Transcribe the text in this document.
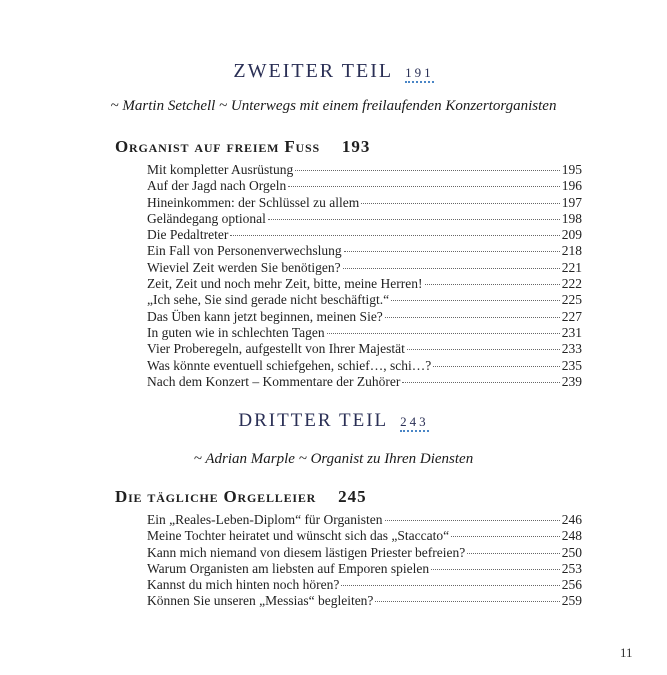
ZWEITER TEIL 191
~ Martin Setchell ~ Unterwegs mit einem freilaufenden Konzertorganisten
Organist auf freiem Fuss 193
Mit kompletter Ausrüstung	195
Auf der Jagd nach Orgeln	196
Hineinkommen: der Schlüssel zu allem	197
Geländegang optional	198
Die Pedaltreter	209
Ein Fall von Personenverwechslung	218
Wieviel Zeit werden Sie benötigen?	221
Zeit, Zeit und noch mehr Zeit, bitte, meine Herren!	222
„Ich sehe, Sie sind gerade nicht beschäftigt.“	225
Das Üben kann jetzt beginnen, meinen Sie?	227
In guten wie in schlechten Tagen	231
Vier Proberegeln, aufgestellt von Ihrer Majestät	233
Was könnte eventuell schiefgehen, schief…, schi…?	235
Nach dem Konzert – Kommentare der Zuhörer	239
DRITTER TEIL 243
~ Adrian Marple ~ Organist zu Ihren Diensten
Die tägliche Orgelleier 245
Ein „Reales-Leben-Diplom“ für Organisten	246
Meine Tochter heiratet und wünscht sich das „Staccato“	248
Kann mich niemand von diesem lästigen Priester befreien?	250
Warum Organisten am liebsten auf Emporen spielen	253
Kannst du mich hinten noch hören?	256
Können Sie unseren „Messias“ begleiten?	259
11
